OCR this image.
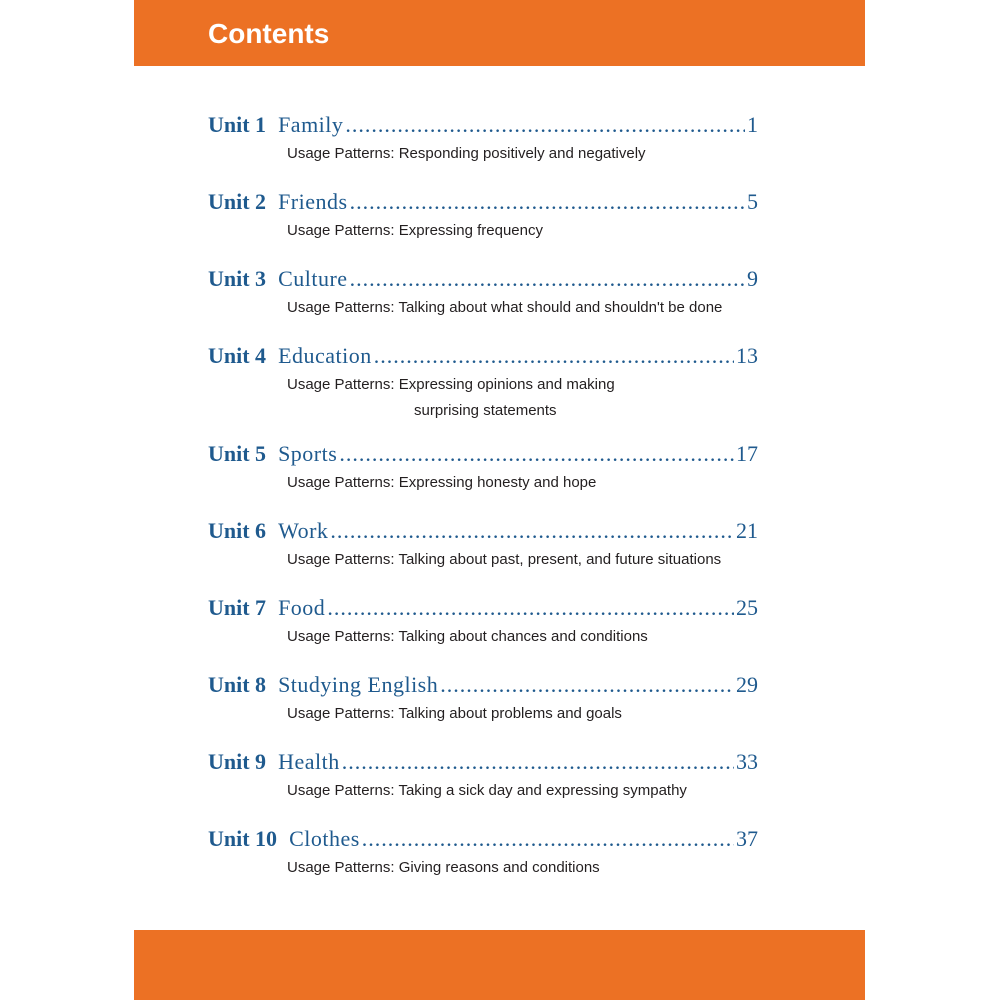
Contents
Unit 1 Family .....	1
Usage Patterns: Responding positively and negatively
Unit 2 Friends .....	5
Usage Patterns: Expressing frequency
Unit 3 Culture .....	9
Usage Patterns: Talking about what should and shouldn't be done
Unit 4 Education .....	13
Usage Patterns: Expressing opinions and making
surprising statements
Unit 5 Sports .....	17
Usage Patterns: Expressing honesty and hope
Unit 6 Work .....	21
Usage Patterns: Talking about past, present, and future situations
Unit 7 Food .....	25
Usage Patterns: Talking about chances and conditions
Unit 8 Studying English .....	29
Usage Patterns: Talking about problems and goals
Unit 9 Health .....	33
Usage Patterns: Taking a sick day and expressing sympathy
Unit 10 Clothes .....	37
Usage Patterns: Giving reasons and conditions
